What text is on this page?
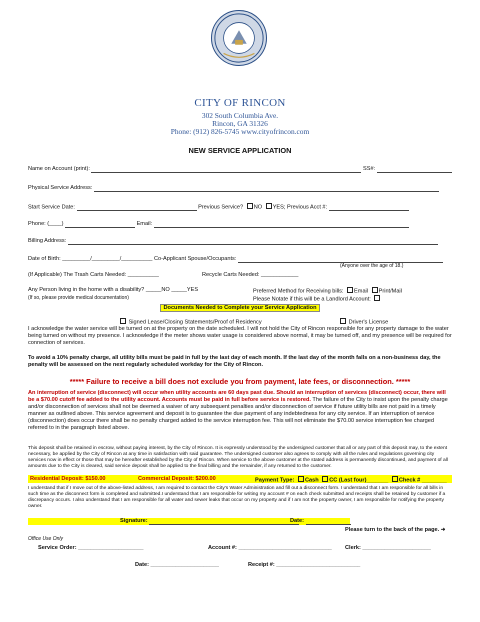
CITY OF RINCON
302 South Columbia Ave.
Rincon, GA 31326
Phone: (912) 826-5745 www.cityofrincon.com
NEW SERVICE APPLICATION
Name on Account (print):	SS#:
Physical Service Address:
Start Service Date:	Previous Service? NO YES; Previous Acct #:
Phone: (____)	Email:
Billing Address:
Date of Birth: _________/_________/__________ Co-Applicant Spouse/Occupants:
(Anyone over the age of 18.)
(If Applicable) The Trash Carts Needed: __________	Recycle Carts Needed: ____________
Any Person living in the home with a disability? _____NO _____YES
(If so, please provide medical documentation)
Preferred Method for Receiving bills: Email Print/Mail
Please Notate if this will be a Landlord Account:
Documents Needed to Complete your Service Application
Signed Lease/Closing Statements/Proof of Residency	Driver's License
I acknowledge the water service will be turned on at the property on the date scheduled. I will not hold the City of Rincon responsible for any property damage to the water being turned on without my presence. I acknowledge if the meter shows water usage is considered above normal, it may be turned off, and my presence will be required for connection of services.
To avoid a 10% penalty charge, all utility bills must be paid in full by the last day of each month. If the last day of the month falls on a non-business day, the penalty will be assessed on the next regularly scheduled workday for the City of Rincon.
***** Failure to receive a bill does not exclude you from payment, late fees, or disconnection. *****
An interruption of service (disconnect) will occur when utility accounts are 60 days past due. Should an interruption of services (disconnect) occur, there will be a $70.00 cutoff fee added to the utility account. Accounts must be paid in full before service is restored. The failure of the City to insist upon the penalty charge and/or disconnection of services shall not be deemed a waiver of any subsequent penalties and/or disconnection of service if future utility bills are not paid in a timely manner as outlined above. This service agreement and deposit is to guarantee the due payment of any indebtedness for any city service. If an interruption of service (disconnection) does occur there shall be no penalty charged added to the service interruption fee. This will not eliminate the $70.00 service interruption fee charged referred to in the paragraph listed above.
This deposit shall be retained in escrow, without paying interest, by the City of Rincon. It is expressly understood by the undersigned customer that all or any part of this deposit may, to the extent necessary, be applied by the City of Rincon at any time in satisfaction with said guarantee. The undersigned customer also agrees to comply with all the rules and regulations governing city services now in effect or those that may be hereafter established by the City of Rincon. When service to the above customer at the stated address is permanently discontinued, and payment of all amounts due to the City is cleared, said service deposit shall be applied to the final billing and the remainder, if any returned to the customer.
Residential Deposit: $150.00	Commercial Deposit: $200.00	Payment Type: Cash CC (Last four)_______ Check # ________
I understand that if I move out of the above-listed address, I am required to contact the City's Water Administration and fill out a disconnect form. I understand that I am responsible for all bills in such time as the disconnect form is completed and submitted.I understand that I am responsible for writing my account # on each check submitted and receipts shall be retained by customer if a discrepancy occurs. I also understand that I am responsible for all water and sewer leaks that occur on my property and if I am not the property owner, I am responsible for notifying the property owner.
Signature:	Date:
Please turn to the back of the page. ➜
Office Use Only
Service Order: _____________________	Account #: ______________________________ Clerk: ______________________
Date: ______________________	Receipt #: ___________________________
